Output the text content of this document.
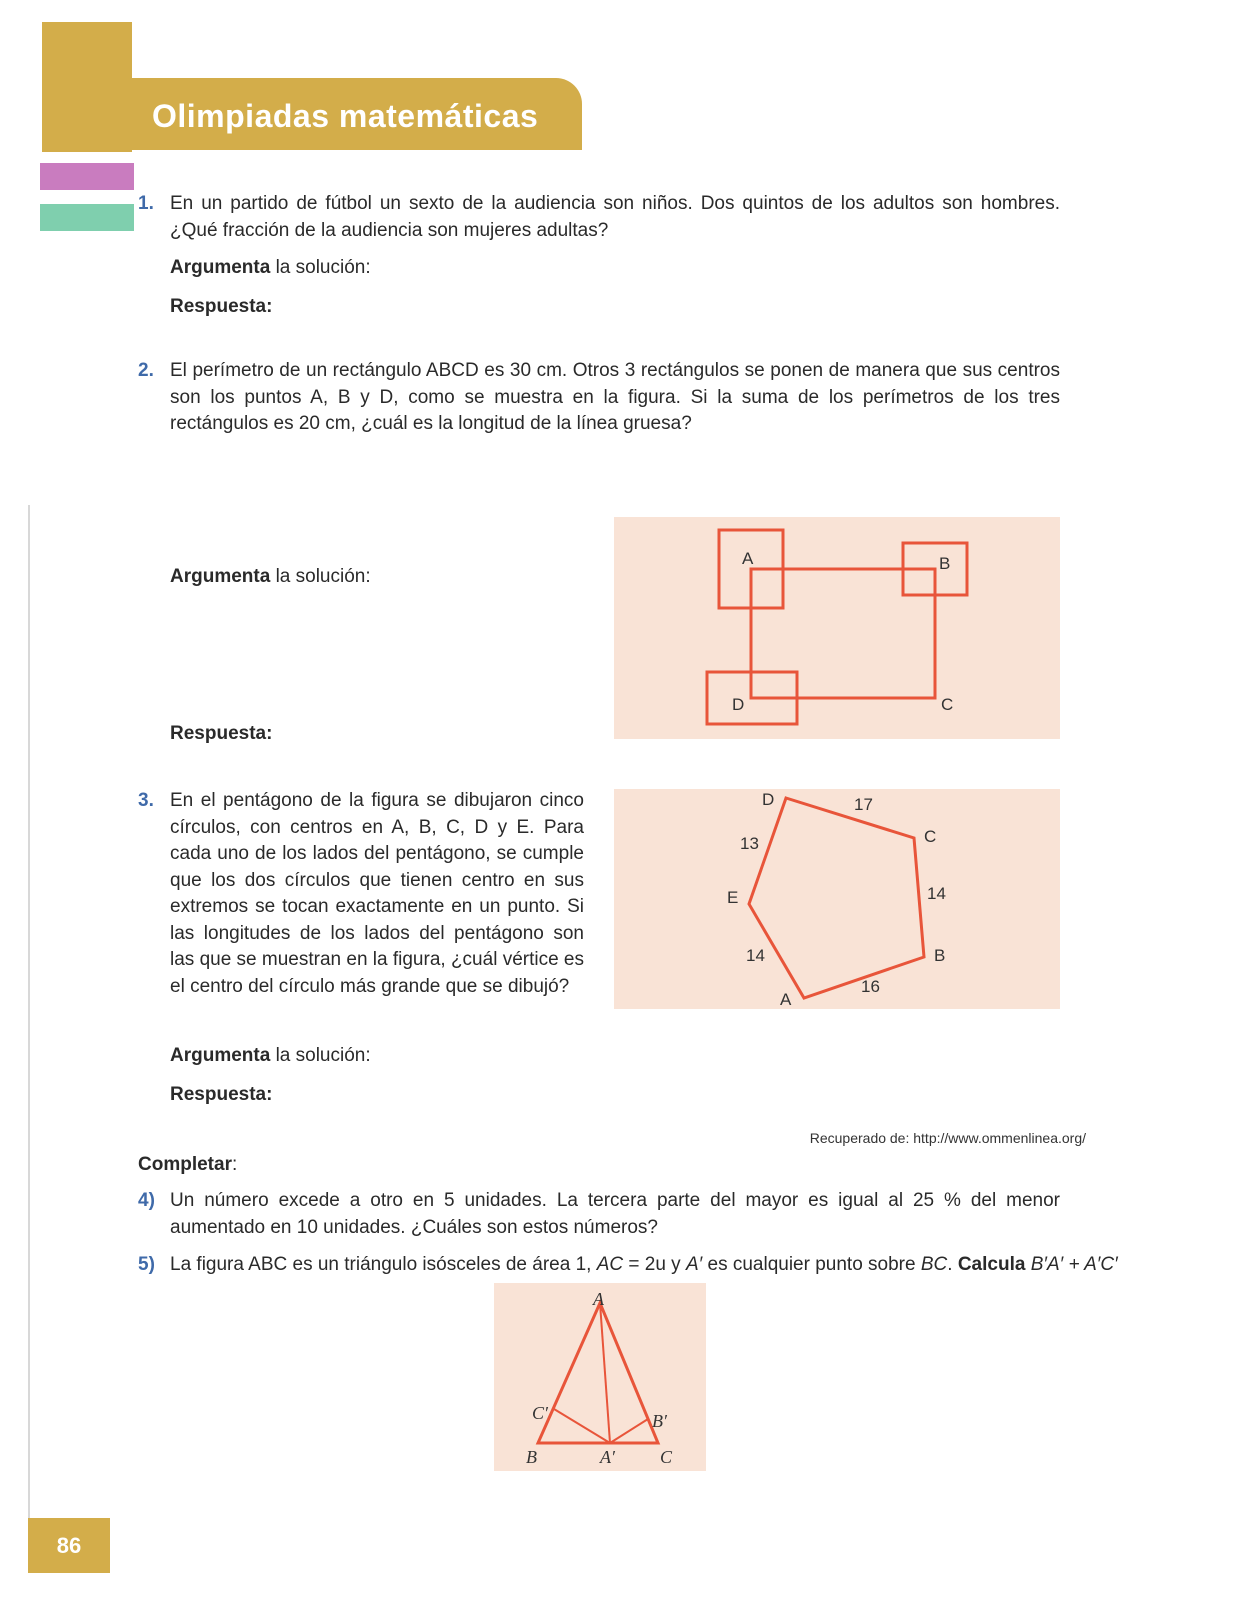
Olimpiadas matemáticas
1. En un partido de fútbol un sexto de la audiencia son niños. Dos quintos de los adultos son hombres. ¿Qué fracción de la audiencia son mujeres adultas?
Argumenta la solución:
Respuesta:
2. El perímetro de un rectángulo ABCD es 30 cm. Otros 3 rectángulos se ponen de manera que sus centros son los puntos A, B y D, como se muestra en la figura. Si la suma de los perímetros de los tres rectángulos es 20 cm, ¿cuál es la longitud de la línea gruesa?
Argumenta la solución:
Respuesta:
A	B
C
D
3. En el pentágono de la figura se dibujaron cinco círculos, con centros en A, B, C, D y E. Para cada uno de los lados del pentágono, se cumple que los dos círculos que tienen centro en sus extremos se tocan exactamente en un punto. Si las longitudes de los lados del pentágono son las que se muestran en la figura, ¿cuál vértice es el centro del círculo más grande que se dibujó?
D
C
B
A
E
17
14
16
14
13
Argumenta la solución:
Respuesta:
Recuperado de: http://www.ommenlinea.org/
Completar:
4) Un número excede a otro en 5 unidades. La tercera parte del mayor es igual al 25 % del menor aumentado en 10 unidades. ¿Cuáles son estos números?
5) La figura ABC es un triángulo isósceles de área 1, AC = 2u y A′ es cualquier punto sobre BC. Calcula B′A′ + A′C′
A
B	C
A′
B′
C′
86
